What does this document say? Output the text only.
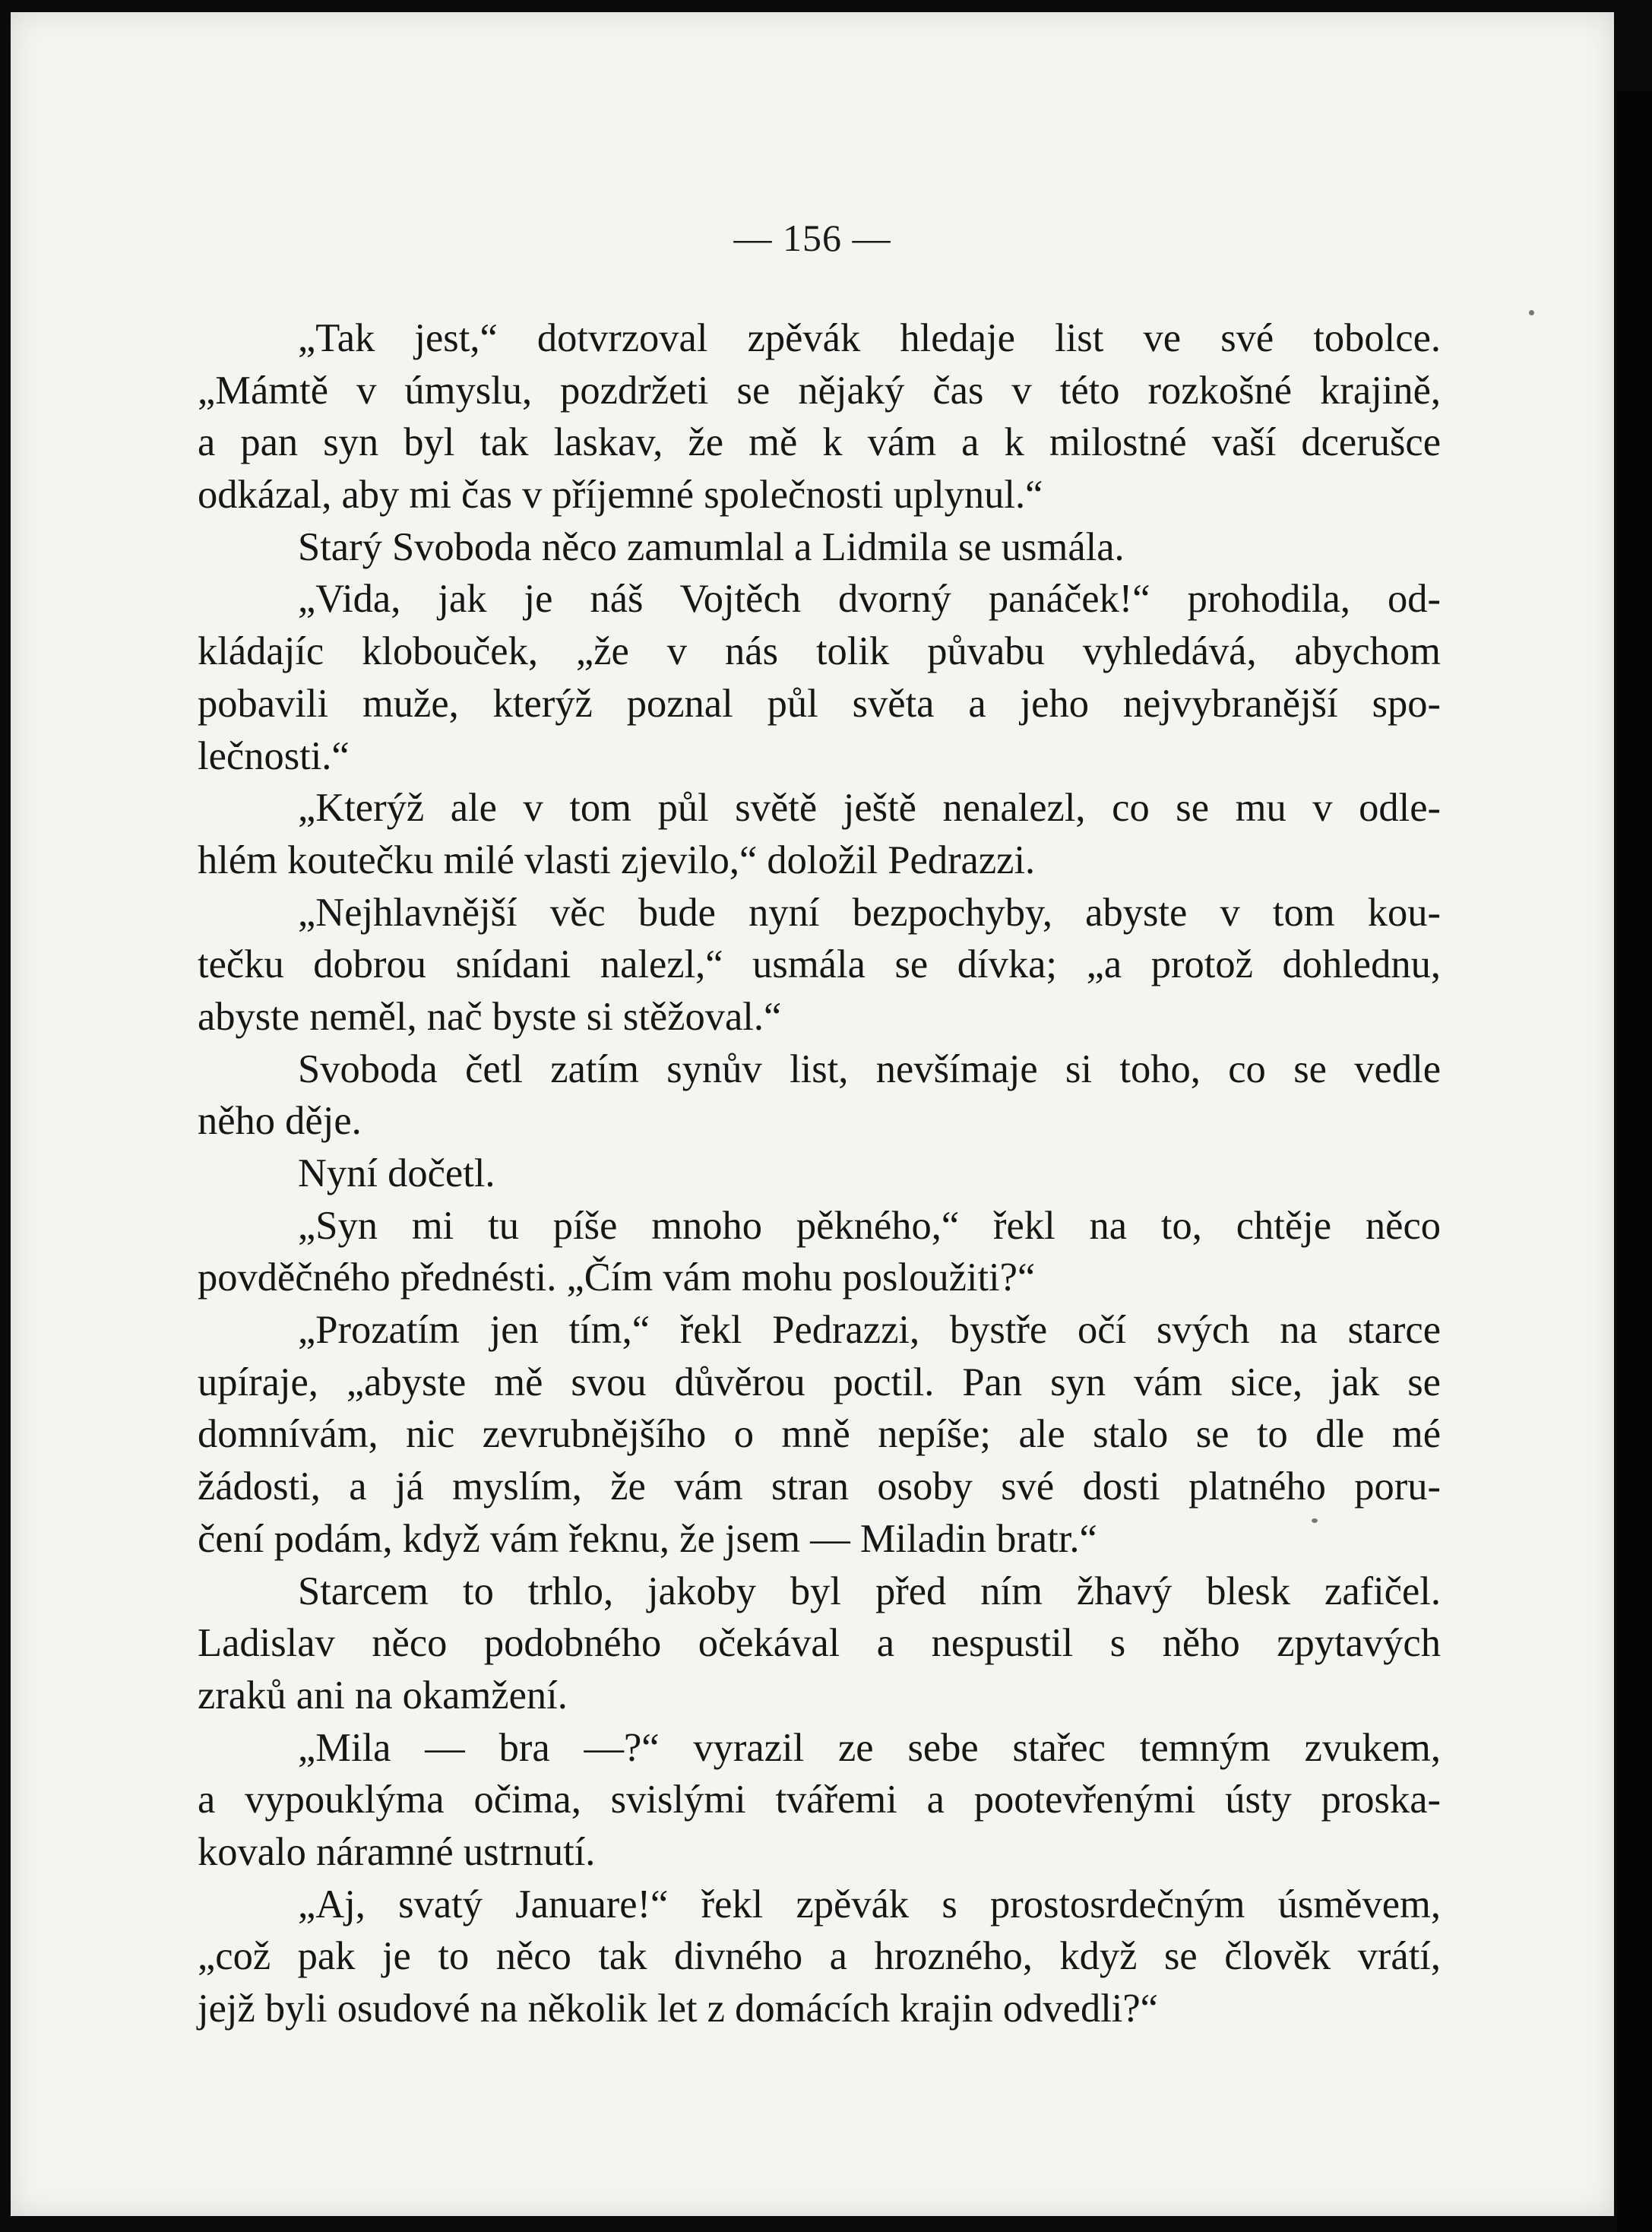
— 156 —
„Tak jest,“ dotvrzoval zpěvák hledaje list ve své tobolce.
„Mámtě v úmyslu, pozdržeti se nějaký čas v této rozkošné krajině,
a pan syn byl tak laskav, že mě k vám a k milostné vaší dcerušce
odkázal, aby mi čas v příjemné společnosti uplynul.“
Starý Svoboda něco zamumlal a Lidmila se usmála.
„Vida, jak je náš Vojtěch dvorný panáček!“ prohodila, od-
kládajíc klobouček, „že v nás tolik půvabu vyhledává, abychom
pobavili muže, kterýž poznal půl světa a jeho nejvybranější spo-
lečnosti.“
„Kterýž ale v tom půl světě ještě nenalezl, co se mu v odle-
hlém koutečku milé vlasti zjevilo,“ doložil Pedrazzi.
„Nejhlavnější věc bude nyní bezpochyby, abyste v tom kou-
tečku dobrou snídani nalezl,“ usmála se dívka; „a protož dohlednu,
abyste neměl, nač byste si stěžoval.“
Svoboda četl zatím synův list, nevšímaje si toho, co se vedle
něho děje.
Nyní dočetl.
„Syn mi tu píše mnoho pěkného,“ řekl na to, chtěje něco
povděčného přednésti. „Čím vám mohu posloužiti?“
„Prozatím jen tím,“ řekl Pedrazzi, bystře očí svých na starce
upíraje, „abyste mě svou důvěrou poctil. Pan syn vám sice, jak se
domnívám, nic zevrubnějšího o mně nepíše; ale stalo se to dle mé
žádosti, a já myslím, že vám stran osoby své dosti platného poru-
čení podám, když vám řeknu, že jsem — Miladin bratr.“
Starcem to trhlo, jakoby byl před ním žhavý blesk zafičel.
Ladislav něco podobného očekával a nespustil s něho zpytavých
zraků ani na okamžení.
„Mila — bra —?“ vyrazil ze sebe stařec temným zvukem,
a vypouklýma očima, svislými tvářemi a pootevřenými ústy proska-
kovalo náramné ustrnutí.
„Aj, svatý Januare!“ řekl zpěvák s prostosrdečným úsměvem,
„což pak je to něco tak divného a hrozného, když se člověk vrátí,
jejž byli osudové na několik let z domácích krajin odvedli?“
